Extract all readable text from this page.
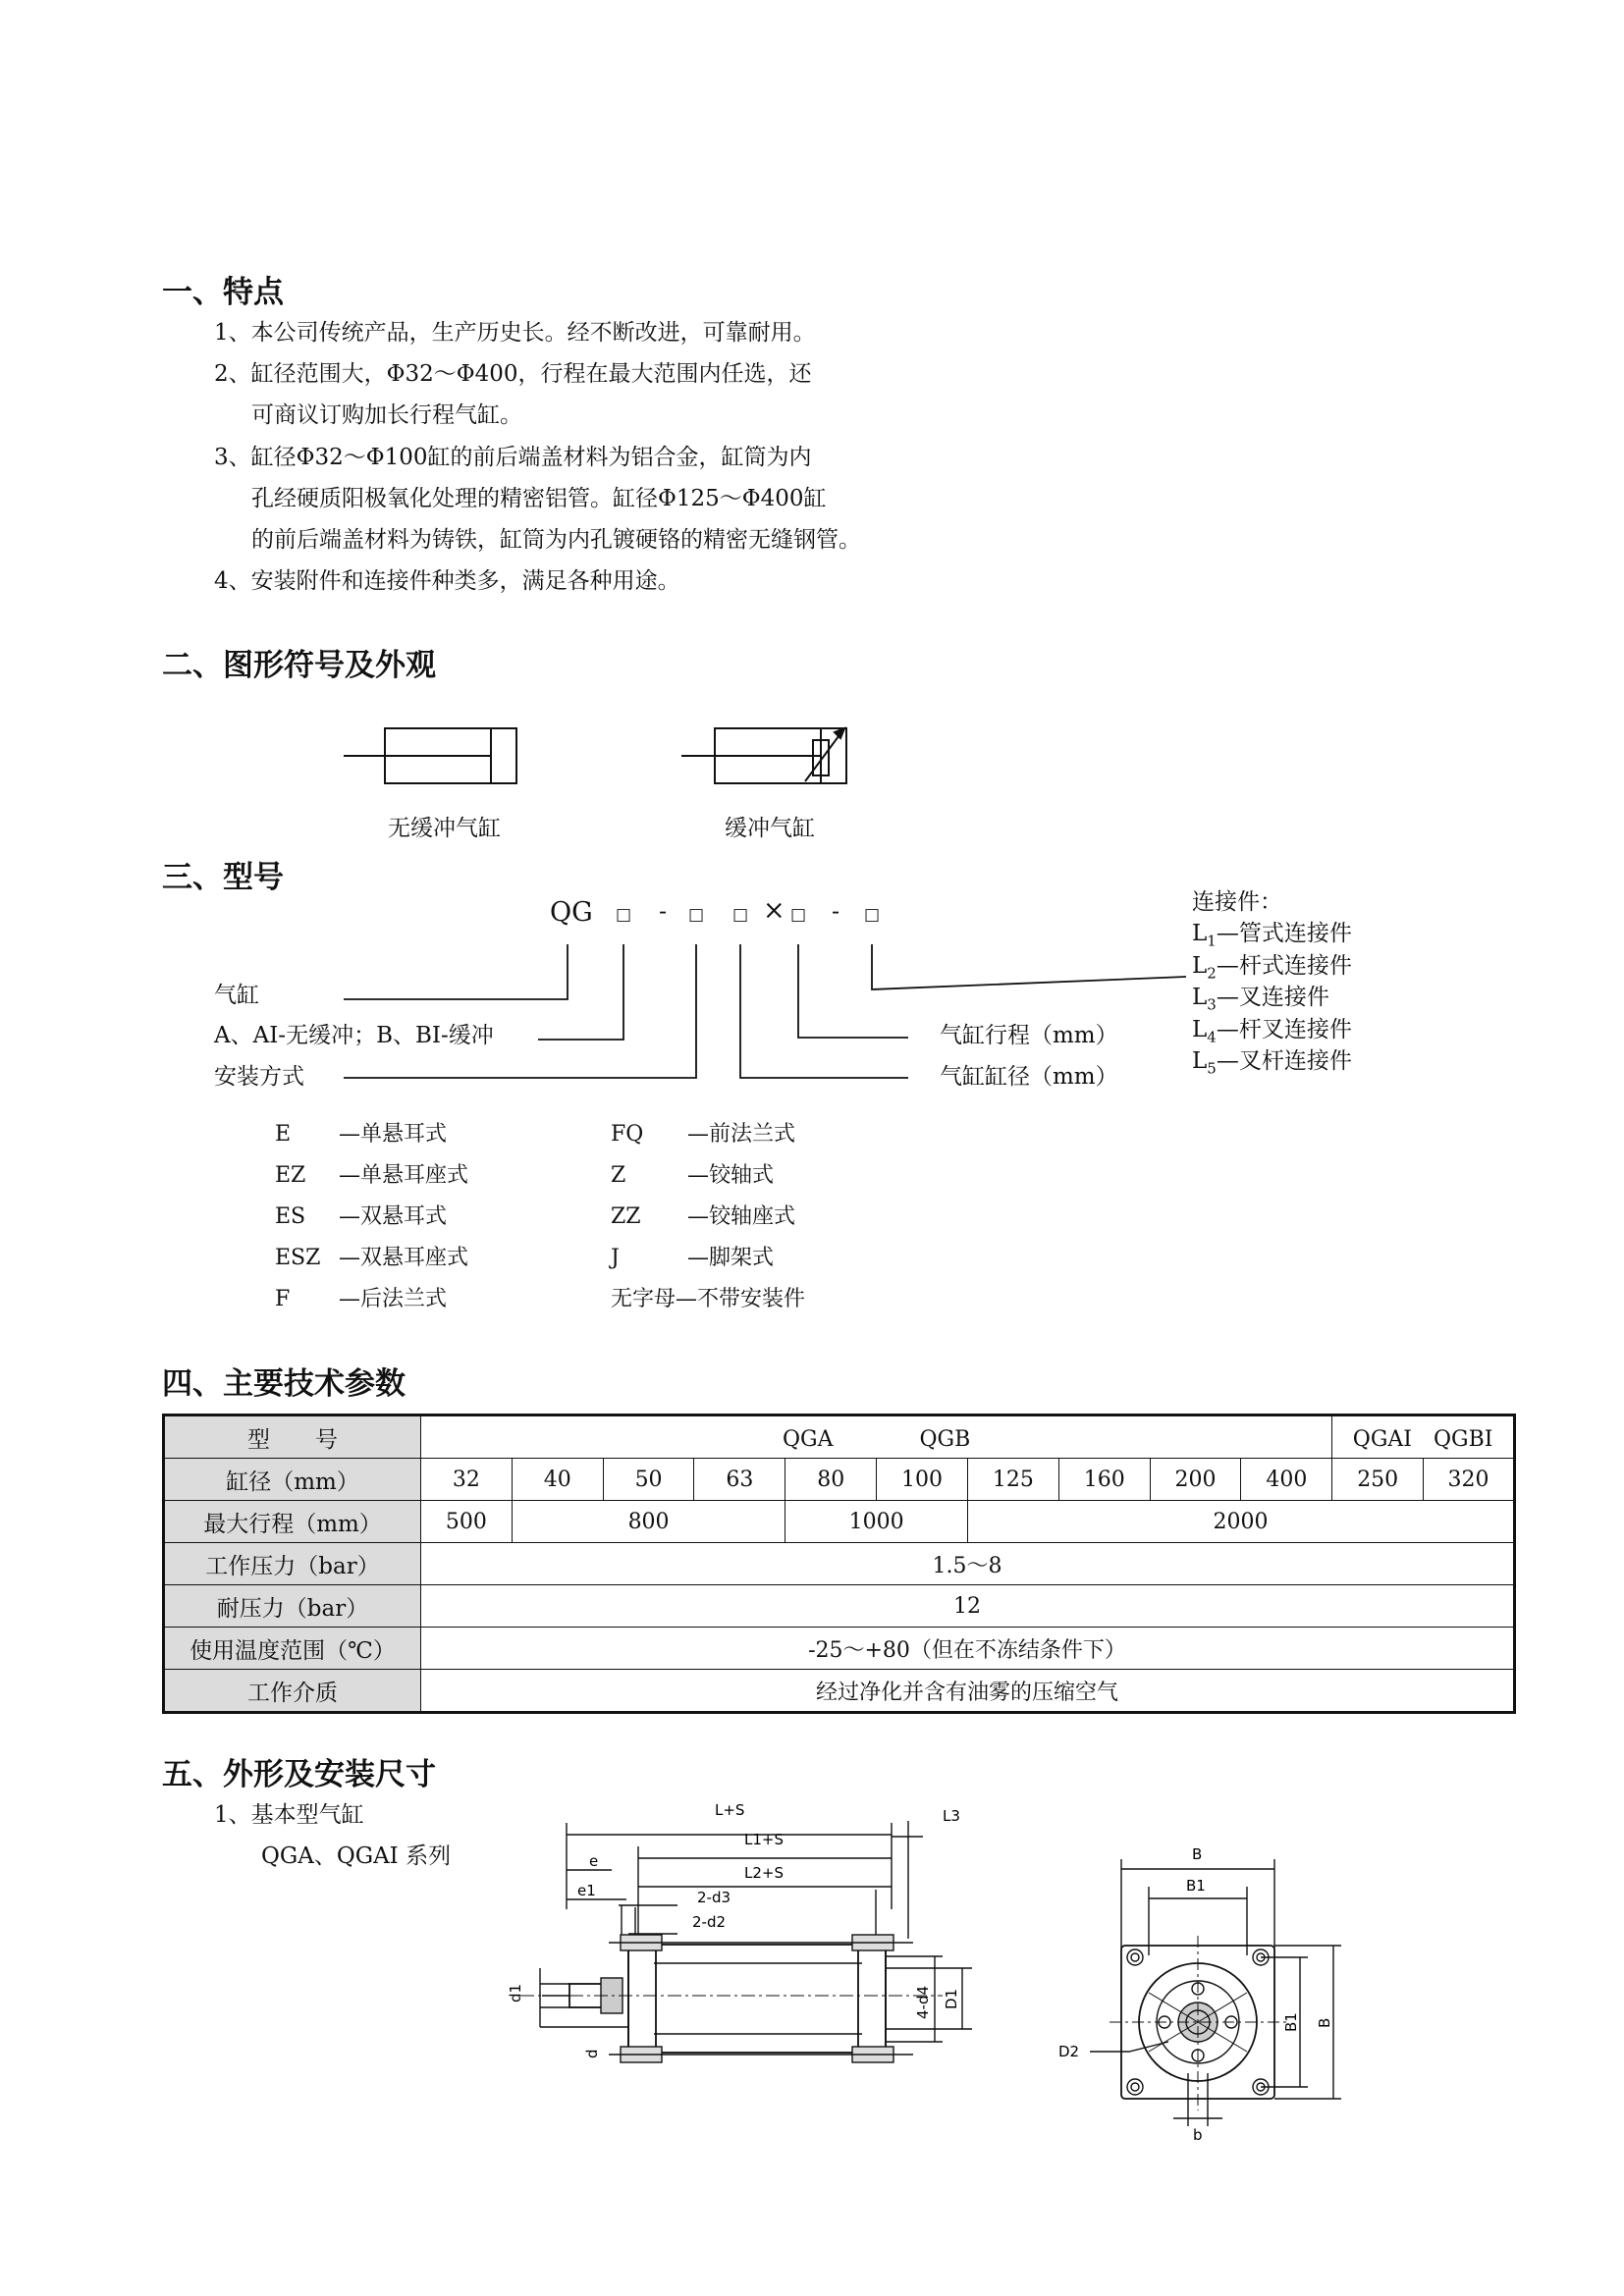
一、特点
1、本公司传统产品，生产历史长。经不断改进，可靠耐用。
2、缸径范围大，Φ32～Φ400，行程在最大范围内任选，还
可商议订购加长行程气缸。
3、缸径Φ32～Φ100缸的前后端盖材料为铝合金，缸筒为内
孔经硬质阳极氧化处理的精密铝管。缸径Φ125～Φ400缸
的前后端盖材料为铸铁，缸筒为内孔镀硬铬的精密无缝钢管。
4、安装附件和连接件种类多，满足各种用途。
二、图形符号及外观
无缓冲气缸	缓冲气缸
三、型号
QG □ - □ □ × □ - □
气缸
A、AI-无缓冲；B、BI-缓冲
安装方式
气缸行程（mm）
气缸缸径（mm）
连接件：
$L_1—$管式连接件
$L_2—$杆式连接件
$L_3—$叉连接件
$L_4—$杆叉连接件
$L_5—$叉杆连接件
E —单悬耳式
EZ —单悬耳座式
ES —双悬耳式
ESZ —双悬耳座式
F —后法兰式
FQ —前法兰式
Z	—铰轴式
ZZ —铰轴座式
J	—脚架式
无字母—不带安装件
四、主要技术参数
型　　号	QGA　　　　QGB										QGAI　QGBI	
缸径（mm）	32	40	50	63	80	100	125	160	200	400	250	320
最大行程（mm）	500	800			1000		2000					
工作压力（bar）	1.5～8											
耐压力（bar）	12											
使用温度范围（℃）	-25～+80（但在不冻结条件下）											
工作介质	经过净化并含有油雾的压缩空气											
五、外形及安装尺寸
1、基本型气缸
QGA、QGAI 系列
L+S
L1+S
L2+S
L3
e
e1	2-d3
2-d2
d1
d
4-d4 D1
B
B1
B1 B
D2
b
